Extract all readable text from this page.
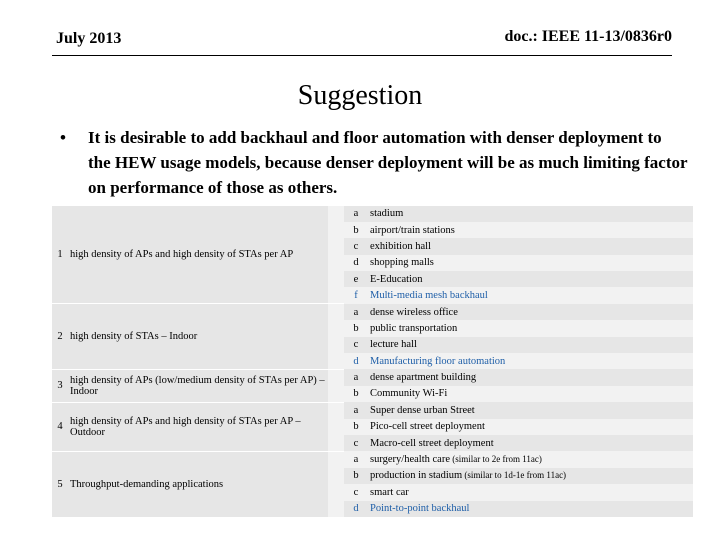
July 2013	doc.: IEEE 11-13/0836r0
Suggestion
• It is desirable to add backhaul and floor automation with denser deployment to the HEW usage models, because denser deployment will be as much limiting factor on performance of those as others.
1	high density of APs and high density of STAs per AP		a	stadium
			b	airport/train stations
			c	exhibition hall
			d	shopping malls
			e	E-Education
			f	Multi-media mesh backhaul
2	high density of STAs – Indoor		a	dense wireless office
			b	public transportation
			c	lecture hall
			d	Manufacturing floor automation
3	high density of APs (low/medium density of STAs per AP) – Indoor		a	dense apartment building
			b	Community Wi-Fi
4	high density of APs and high density of STAs per AP – Outdoor		a	Super dense urban Street
			b	Pico-cell street deployment
			c	Macro-cell street deployment
5	Throughput-demanding applications		a	surgery/health care (similar to 2e from 11ac)
			b	production in stadium (similar to 1d-1e from 11ac)
			c	smart car
			d	Point-to-point backhaul
